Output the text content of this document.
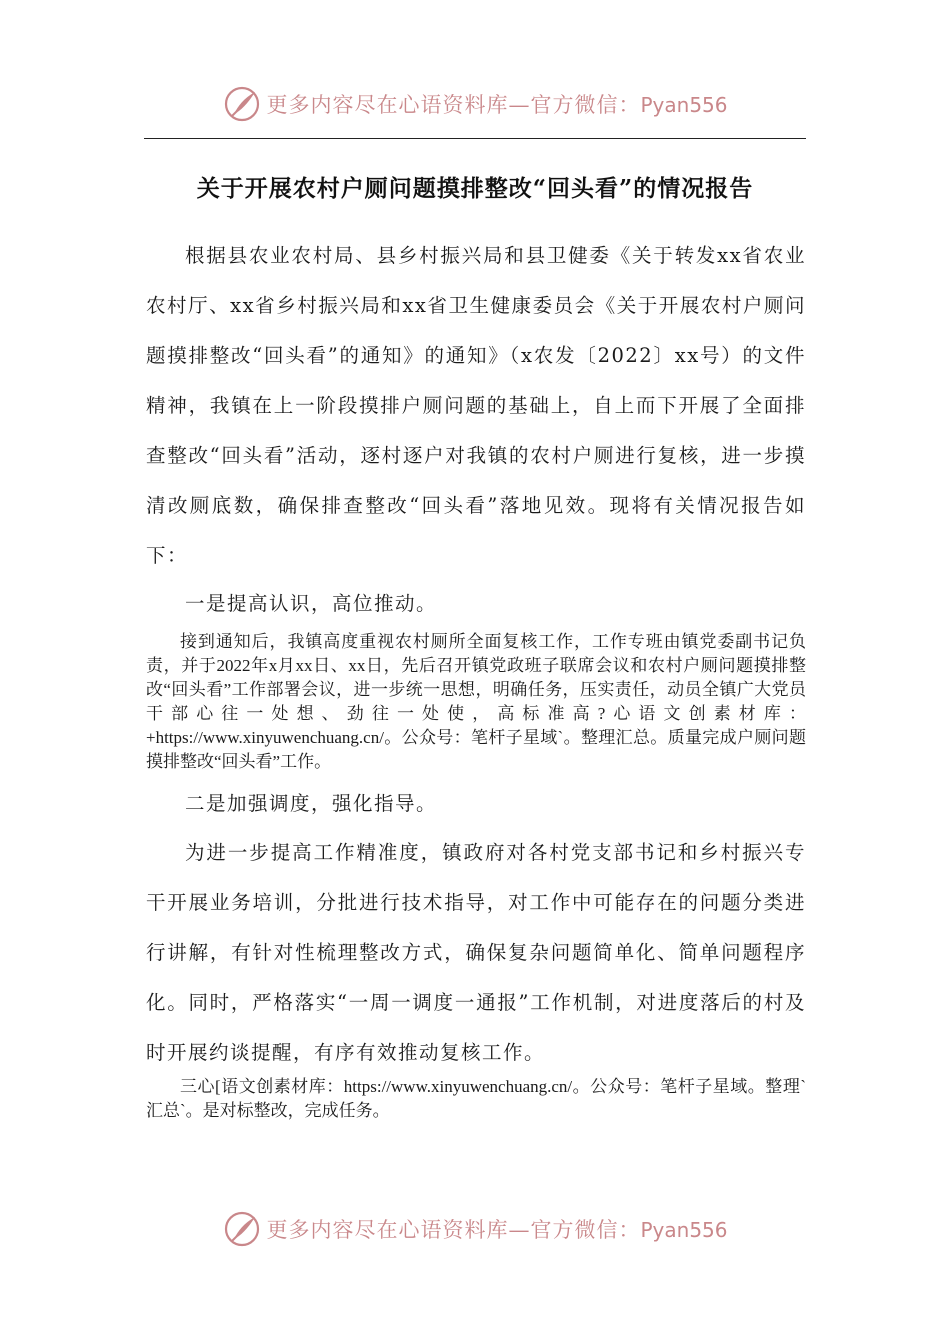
更多内容尽在心语资料库—官方微信：Pyan556
关于开展农村户厕问题摸排整改“回头看”的情况报告

根据县农业农村局、县乡村振兴局和县卫健委《关于转发xx省农业农村厅、xx省乡村振兴局和xx省卫生健康委员会《关于开展农村户厕问题摸排整改“回头看”的通知》的通知》（x农发〔2022〕xx号）的文件精神，我镇在上一阶段摸排户厕问题的基础上，自上而下开展了全面排查整改“回头看”活动，逐村逐户对我镇的农村户厕进行复核，进一步摸清改厕底数，确保排查整改“回头看”落地见效。现将有关情况报告如下：

一是提高认识，高位推动。

接到通知后，我镇高度重视农村厕所全面复核工作，工作专班由镇党委副书记负责，并于2022年x月xx日、xx日，先后召开镇党政班子联席会议和农村户厕问题摸排整改“回头看”工作部署会议，进一步统一思想，明确任务，压实责任，动员全镇广大党员干部心往一处想、劲往一处使，高标准高?心语文创素材库：+https://www.xinyuwenchuang.cn/。公众号：笔杆子星域`。整理汇总。质量完成户厕问题摸排整改“回头看”工作。

二是加强调度，强化指导。

为进一步提高工作精准度，镇政府对各村党支部书记和乡村振兴专干开展业务培训，分批进行技术指导，对工作中可能存在的问题分类进行讲解，有针对性梳理整改方式，确保复杂问题简单化、简单问题程序化。同时，严格落实“一周一调度一通报”工作机制，对进度落后的村及时开展约谈提醒，有序有效推动复核工作。

三心[语文创素材库：https://www.xinyuwenchuang.cn/。公众号：笔杆子星域。整理`汇总`。是对标整改，完成任务。

更多内容尽在心语资料库—官方微信：Pyan556
